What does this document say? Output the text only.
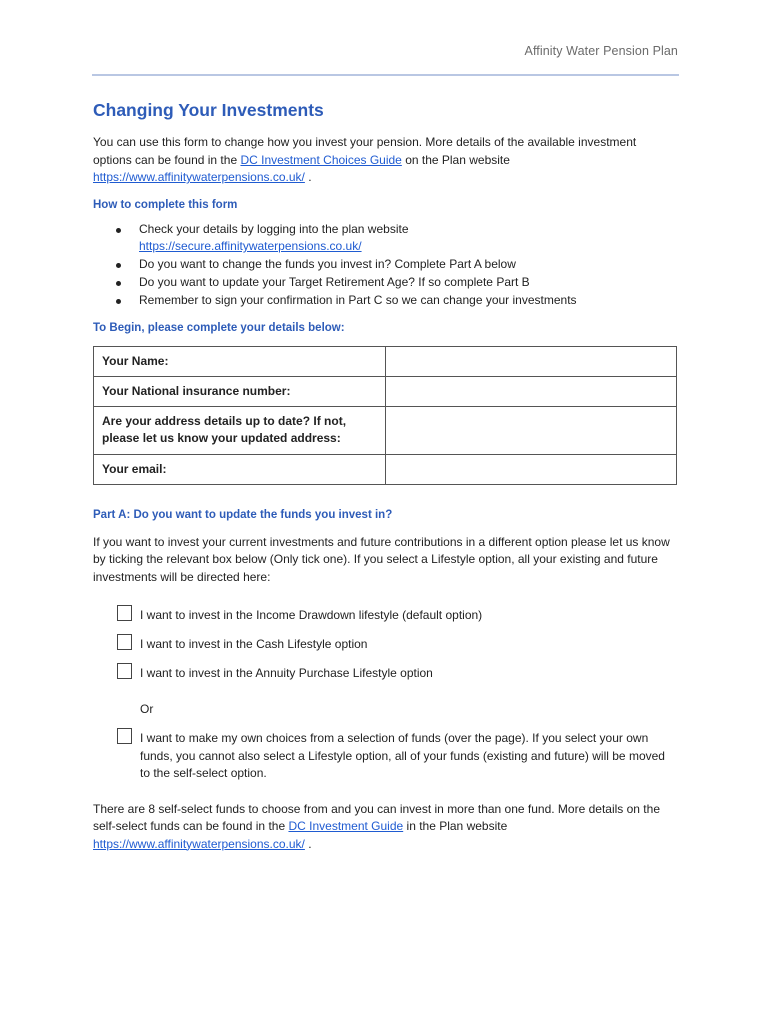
Affinity Water Pension Plan
Changing Your Investments

You can use this form to change how you invest your pension. More details of the available investment options can be found in the DC Investment Choices Guide on the Plan website https://www.affinitywaterpensions.co.uk/ .

How to complete this form
Check your details by logging into the plan website
https://secure.affinitywaterpensions.co.uk/
Do you want to change the funds you invest in? Complete Part A below
Do you want to update your Target Retirement Age? If so complete Part B
Remember to sign your confirmation in Part C so we can change your investments
To Begin, please complete your details below:
Your Name:	
Your National insurance number:	
Are your address details up to date? If not, please let us know your updated address:	
Your email:	
Part A: Do you want to update the funds you invest in?

If you want to invest your current investments and future contributions in a different option please let us know by ticking the relevant box below (Only tick one). If you select a Lifestyle option, all your existing and future investments will be directed here:

I want to invest in the Income Drawdown lifestyle (default option)
I want to invest in the Cash Lifestyle option
I want to invest in the Annuity Purchase Lifestyle option
Or
I want to make my own choices from a selection of funds (over the page). If you select your own funds, you cannot also select a Lifestyle option, all of your funds (existing and future) will be moved to the self-select option.

There are 8 self-select funds to choose from and you can invest in more than one fund. More details on the self-select funds can be found in the DC Investment Guide in the Plan website https://www.affinitywaterpensions.co.uk/ .
